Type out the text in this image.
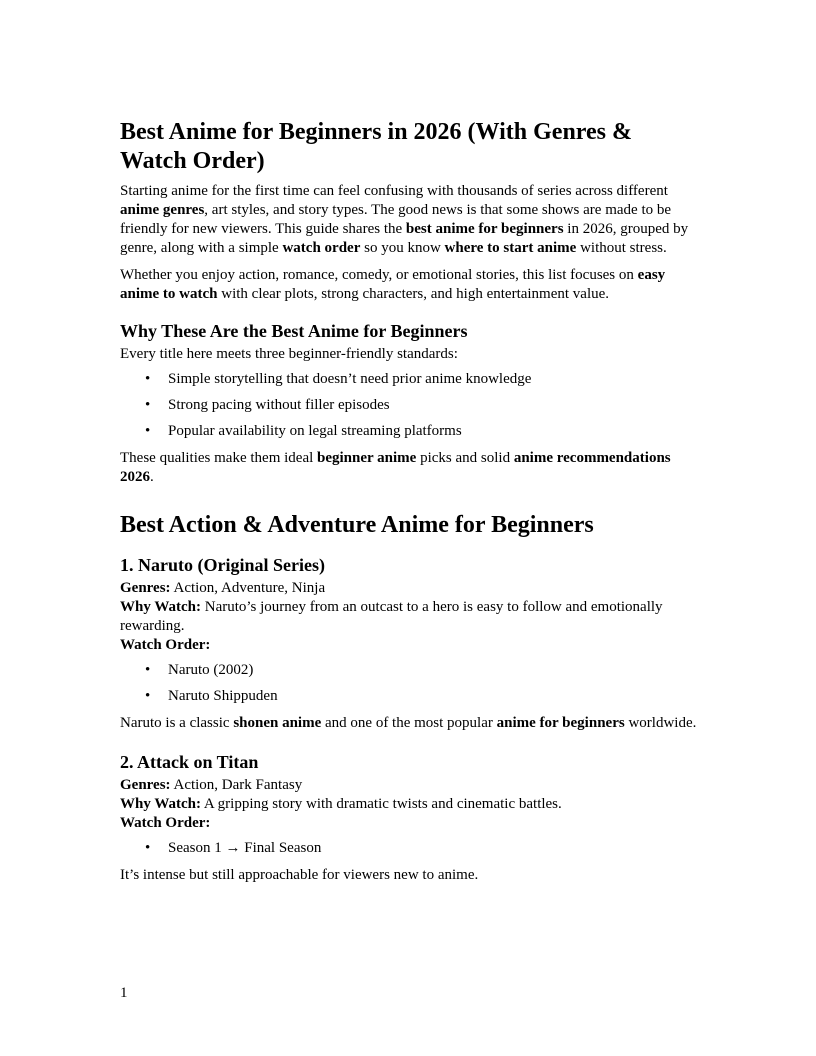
Best Anime for Beginners in 2026 (With Genres & Watch Order)

Starting anime for the first time can feel confusing with thousands of series across different anime genres, art styles, and story types. The good news is that some shows are made to be friendly for new viewers. This guide shares the best anime for beginners in 2026, grouped by genre, along with a simple watch order so you know where to start anime without stress.

Whether you enjoy action, romance, comedy, or emotional stories, this list focuses on easy anime to watch with clear plots, strong characters, and high entertainment value.

Why These Are the Best Anime for Beginners

Every title here meets three beginner-friendly standards:

• Simple storytelling that doesn’t need prior anime knowledge
• Strong pacing without filler episodes
• Popular availability on legal streaming platforms

These qualities make them ideal beginner anime picks and solid anime recommendations 2026.

Best Action & Adventure Anime for Beginners
1. Naruto (Original Series)

Genres: Action, Adventure, Ninja

Why Watch: Naruto’s journey from an outcast to a hero is easy to follow and emotionally rewarding.

Watch Order:

• Naruto (2002)
• Naruto Shippuden

Naruto is a classic shonen anime and one of the most popular anime for beginners worldwide.

2. Attack on Titan

Genres: Action, Dark Fantasy

Why Watch: A gripping story with dramatic twists and cinematic battles.

Watch Order:

• Season 1 → Final Season

It’s intense but still approachable for viewers new to anime.

1
